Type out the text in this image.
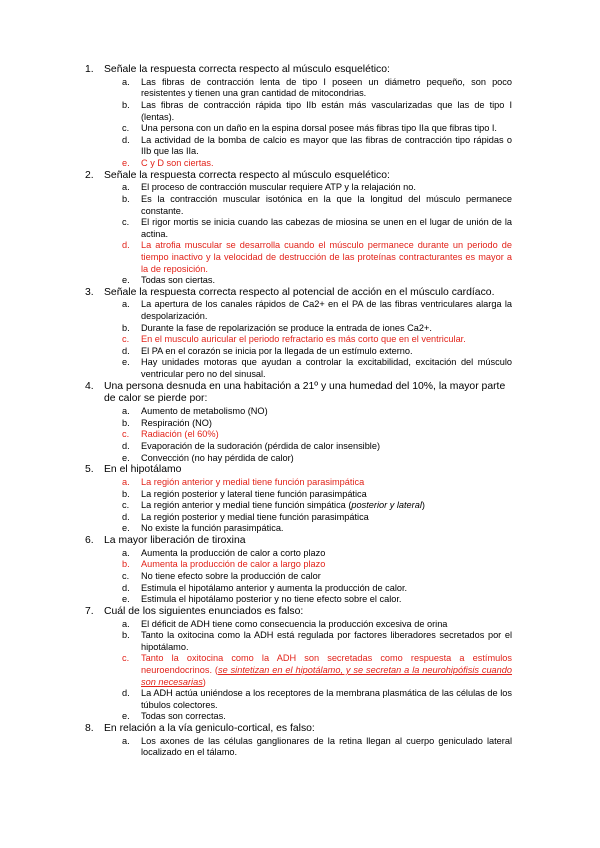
1. Señale la respuesta correcta respecto al músculo esquelético:
a. Las fibras de contracción lenta de tipo I poseen un diámetro pequeño, son poco resistentes y tienen una gran cantidad de mitocondrias.
b. Las fibras de contracción rápida tipo IIb están más vascularizadas que las de tipo I (lentas).
c. Una persona con un daño en la espina dorsal posee más fibras tipo IIa que fibras tipo I.
d. La actividad de la bomba de calcio es mayor que las fibras de contracción tipo rápidas o IIb que las IIa.
e. C y D son ciertas.
2. Señale la respuesta correcta respecto al músculo esquelético:
a. El proceso de contracción muscular requiere ATP y la relajación no.
b. Es la contracción muscular isotónica en la que la longitud del músculo permanece constante.
c. El rigor mortis se inicia cuando las cabezas de miosina se unen en el lugar de unión de la actina.
d. La atrofia muscular se desarrolla cuando el músculo permanece durante un periodo de tiempo inactivo y la velocidad de destrucción de las proteínas contracturantes es mayor a la de reposición.
e. Todas son ciertas.
3. Señale la respuesta correcta respecto al potencial de acción en el músculo cardíaco.
a. La apertura de los canales rápidos de Ca2+ en el PA de las fibras ventriculares alarga la despolarización.
b. Durante la fase de repolarización se produce la entrada de iones Ca2+.
c. En el musculo auricular el periodo refractario es más corto que en el ventricular.
d. El PA en el corazón se inicia por la llegada de un estímulo externo.
e. Hay unidades motoras que ayudan a controlar la excitabilidad, excitación del músculo ventricular pero no del sinusal.
4. Una persona desnuda en una habitación a 21º y una humedad del 10%, la mayor parte de calor se pierde por:
a. Aumento de metabolismo (NO)
b. Respiración (NO)
c. Radiación (el 60%)
d. Evaporación de la sudoración (pérdida de calor insensible)
e. Convección (no hay pérdida de calor)
5. En el hipotálamo
a. La región anterior y medial tiene función parasimpática
b. La región posterior y lateral tiene función parasimpática
c. La región anterior y medial tiene función simpática (posterior y lateral)
d. La región posterior y medial tiene función parasimpática
e. No existe la función parasimpática.
6. La mayor liberación de tiroxina
a. Aumenta la producción de calor a corto plazo
b. Aumenta la producción de calor a largo plazo
c. No tiene efecto sobre la producción de calor
d. Estimula el hipotálamo anterior y aumenta la producción de calor.
e. Estimula el hipotálamo posterior y no tiene efecto sobre el calor.
7. Cuál de los siguientes enunciados es falso:
a. El déficit de ADH tiene como consecuencia la producción excesiva de orina
b. Tanto la oxitocina como la ADH está regulada por factores liberadores secretados por el hipotálamo.
c. Tanto la oxitocina como la ADH son secretadas como respuesta a estímulos neuroendocrinos. (se sintetizan en el hipotálamo, y se secretan a la neurohipófisis cuando son necesarias)
d. La ADH actúa uniéndose a los receptores de la membrana plasmática de las células de los túbulos colectores.
e. Todas son correctas.
8. En relación a la vía geniculo-cortical, es falso:
a. Los axones de las células ganglionares de la retina llegan al cuerpo geniculado lateral localizado en el tálamo.
